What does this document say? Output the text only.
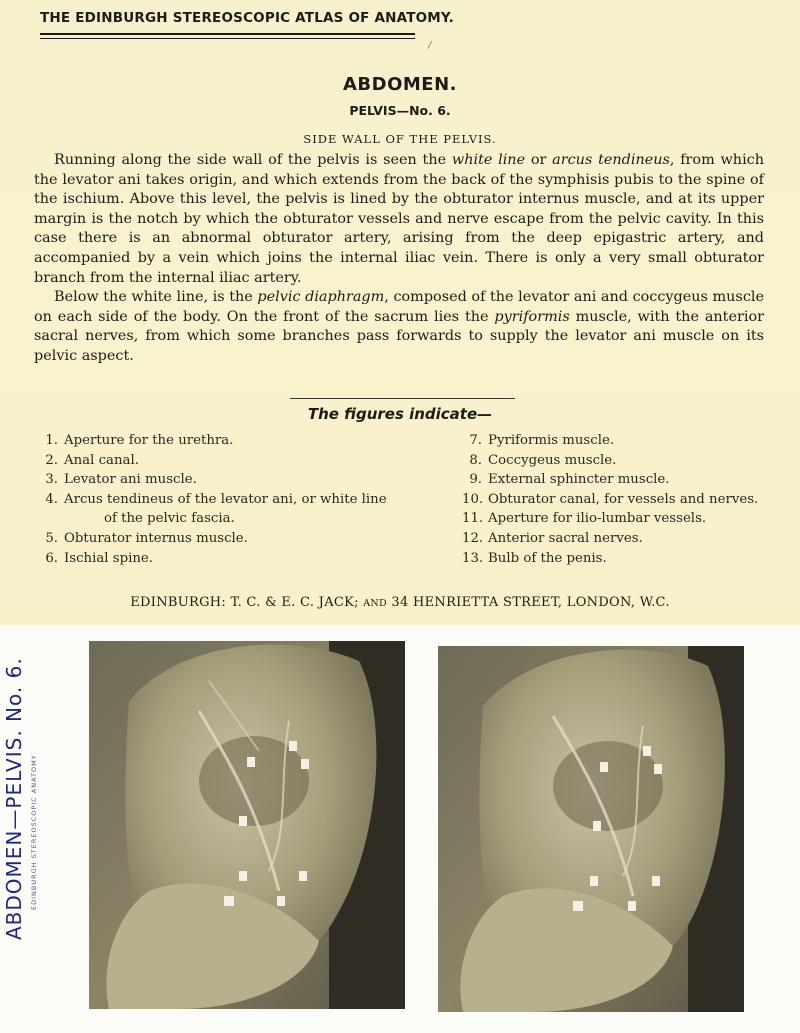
THE EDINBURGH STEREOSCOPIC ATLAS OF ANATOMY.
/
ABDOMEN.
PELVIS—No. 6.
SIDE WALL OF THE PELVIS.

Running along the side wall of the pelvis is seen the white line or arcus tendineus, from which the levator ani takes origin, and which extends from the back of the symphisis pubis to the spine of the ischium. Above this level, the pelvis is lined by the obturator internus muscle, and at its upper margin is the notch by which the obturator vessels and nerve escape from the pelvic cavity. In this case there is an abnormal obturator artery, arising from the deep epigastric artery, and accompanied by a vein which joins the internal iliac vein. There is only a very small obturator branch from the internal iliac artery.

Below the white line, is the pelvic diaphragm, composed of the levator ani and coccygeus muscle on each side of the body. On the front of the sacrum lies the pyriformis muscle, with the anterior sacral nerves, from which some branches pass forwards to supply the levator ani muscle on its pelvic aspect.

The figures indicate—
1. Aperture for the urethra.
2. Anal canal.
3. Levator ani muscle.
4. Arcus tendineus of the levator ani, or white line
of the pelvic fascia.
5. Obturator internus muscle.
6. Ischial spine.
7. Pyriformis muscle.
8. Coccygeus muscle.
9. External sphincter muscle.
10. Obturator canal, for vessels and nerves.
11. Aperture for ilio-lumbar vessels.
12. Anterior sacral nerves.
13. Bulb of the penis.
EDINBURGH: T. C. & E. C. JACK; AND 34 HENRIETTA STREET, LONDON, W.C.
ABDOMEN—PELVIS. No. 6. EDINBURGH STEREOSCOPIC ANATOMY
